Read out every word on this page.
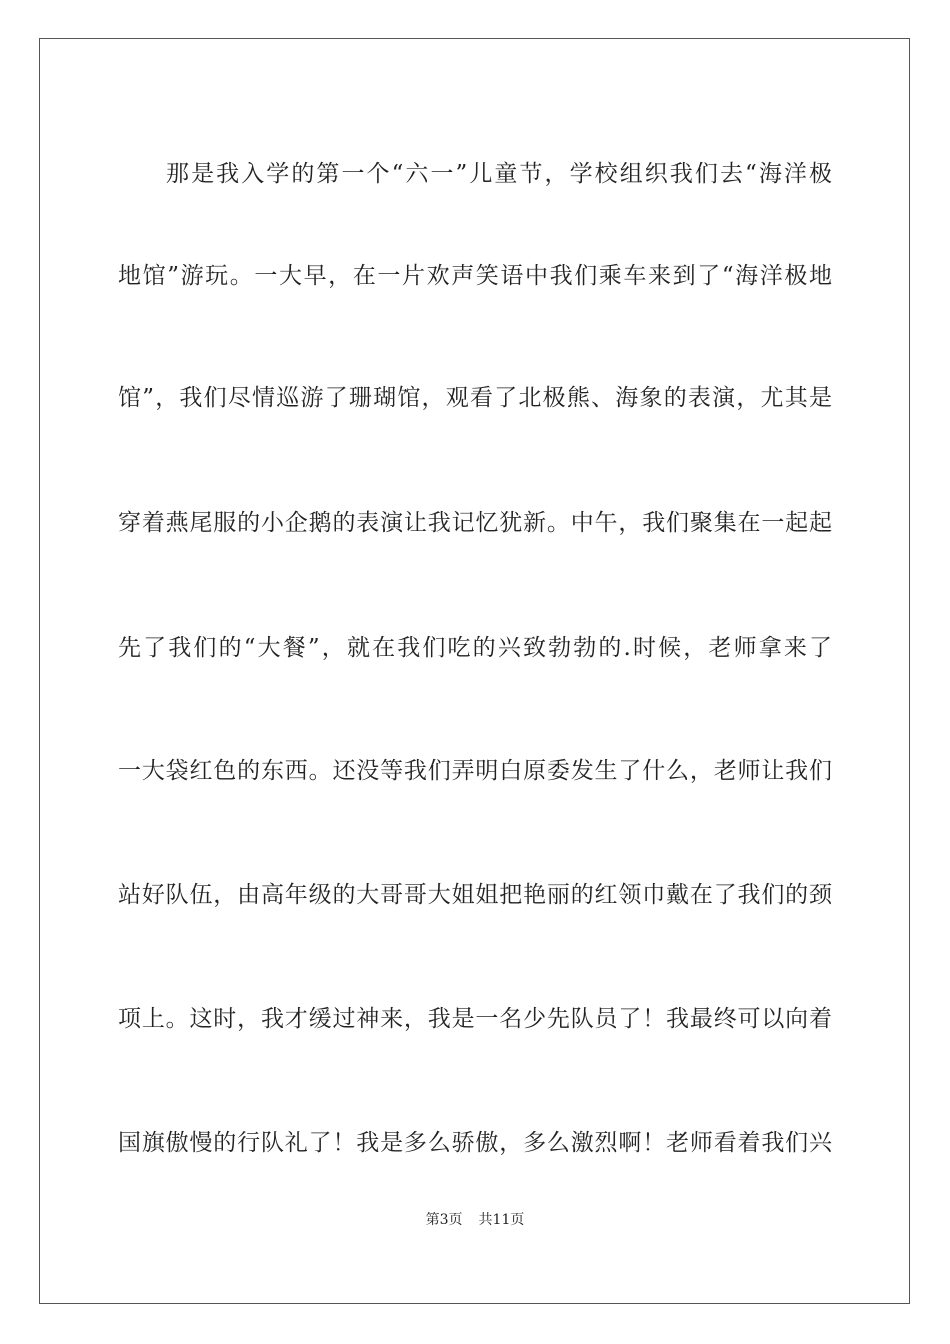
那是我入学的第一个“六一”儿童节，学校组织我们去“海洋极
地馆”游玩。一大早，在一片欢声笑语中我们乘车来到了“海洋极地
馆”，我们尽情巡游了珊瑚馆，观看了北极熊、海象的表演，尤其是
穿着燕尾服的小企鹅的表演让我记忆犹新。中午，我们聚集在一起起
先了我们的“大餐”，就在我们吃的兴致勃勃的.时候，老师拿来了
一大袋红色的东西。还没等我们弄明白原委发生了什么，老师让我们
站好队伍，由高年级的大哥哥大姐姐把艳丽的红领巾戴在了我们的颈
项上。这时，我才缓过神来，我是一名少先队员了！我最终可以向着
国旗傲慢的行队礼了！我是多么骄傲，多么激烈啊！老师看着我们兴
第3页 共11页
